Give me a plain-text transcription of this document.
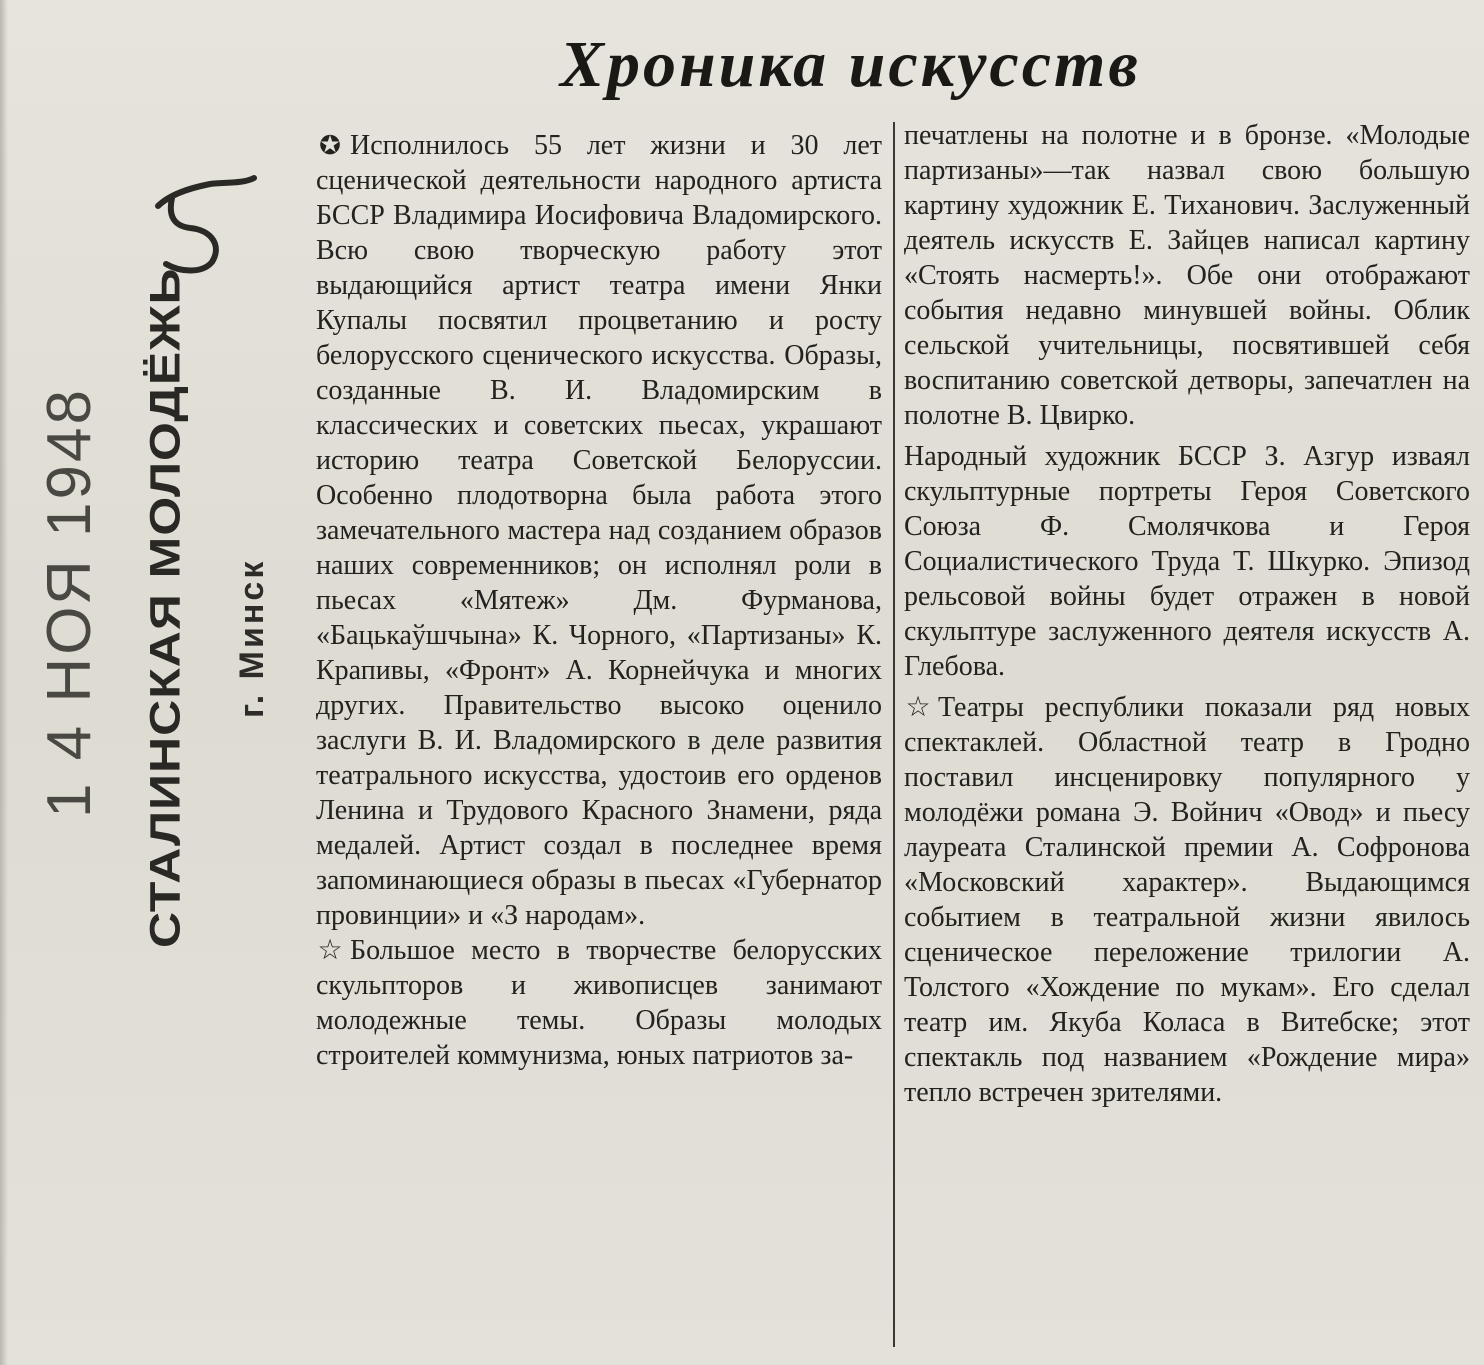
1 4 НОЯ 1948 СТАЛИНСКАЯ МОЛОДЁЖЬ г. Минск
Хроника искусств

✪ Исполнилось 55 лет жизни и 30 лет сценической деятельности народного артиста БССР Владимира Иосифовича Владомирского. Всю свою творческую работу этот выдающийся артист театра имени Янки Купалы посвятил процветанию и росту белорусского сценического искусства. Образы, созданные В. И. Владомирским в классических и советских пьесах, украшают историю театра Советской Белоруссии. Особенно плодотворна была работа этого замечательного мастера над созданием образов наших современников; он исполнял роли в пьесах «Мятеж» Дм. Фурманова, «Бацькаўшчына» К. Чорного, «Партизаны» К. Крапивы, «Фронт» А. Корнейчука и многих других. Правительство высоко оценило заслуги В. И. Владомирского в деле развития театрального искусства, удостоив его орденов Ленина и Трудового Красного Знамени, ряда медалей. Артист создал в последнее время запоминающиеся образы в пьесах «Губернатор провинции» и «З народам».

☆ Большое место в творчестве белорусских скульпторов и живописцев занимают молодежные темы. Образы молодых строителей коммунизма, юных патриотов за-

печатлены на полотне и в бронзе. «Молодые партизаны»—так назвал свою большую картину художник Е. Тиханович. Заслуженный деятель искусств Е. Зайцев написал картину «Стоять насмерть!». Обе они отображают события недавно минувшей войны. Облик сельской учительницы, посвятившей себя воспитанию советской детворы, запечатлен на полотне В. Цвирко.

Народный художник БССР З. Азгур изваял скульптурные портреты Героя Советского Союза Ф. Смолячкова и Героя Социалистического Труда Т. Шкурко. Эпизод рельсовой войны будет отражен в новой скульптуре заслуженного деятеля искусств А. Глебова.

☆ Театры республики показали ряд новых спектаклей. Областной театр в Гродно поставил инсценировку популярного у молодёжи романа Э. Войнич «Овод» и пьесу лауреата Сталинской премии А. Софронова «Московский характер». Выдающимся событием в театральной жизни явилось сценическое переложение трилогии А. Толстого «Хождение по мукам». Его сделал театр им. Якуба Коласа в Витебске; этот спектакль под названием «Рождение мира» тепло встречен зрителями.
